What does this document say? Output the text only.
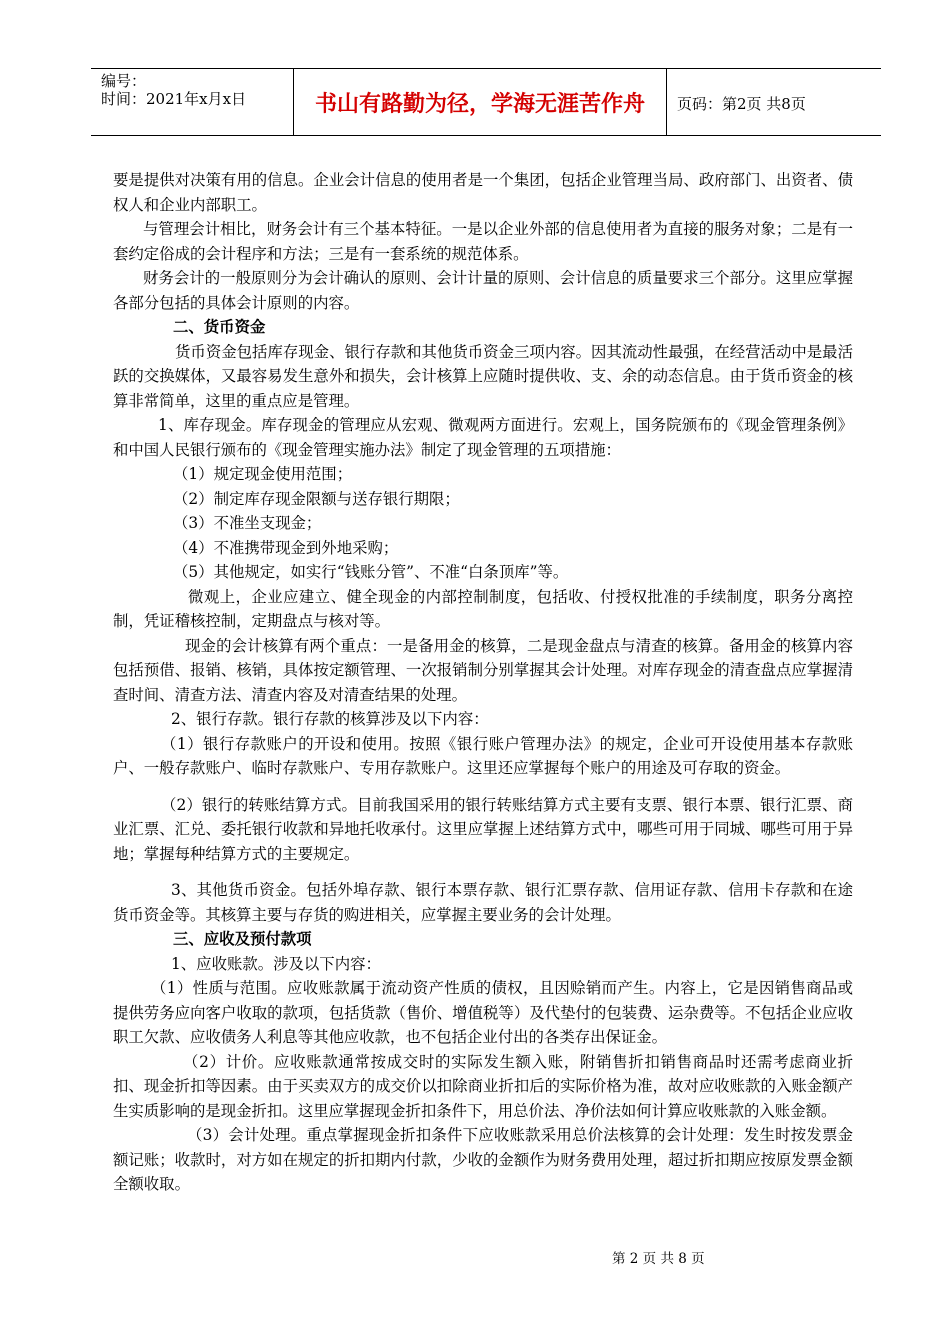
编号：
时间：2021年x月x日	书山有路勤为径，学海无涯苦作舟	页码：第2页 共8页

要是提供对决策有用的信息。企业会计信息的使用者是一个集团，包括企业管理当局、政府部门、出资者、债权人和企业内部职工。

与管理会计相比，财务会计有三个基本特征。一是以企业外部的信息使用者为直接的服务对象；二是有一套约定俗成的会计程序和方法；三是有一套系统的规范体系。

财务会计的一般原则分为会计确认的原则、会计计量的原则、会计信息的质量要求三个部分。这里应掌握各部分包括的具体会计原则的内容。

二、货币资金

货币资金包括库存现金、银行存款和其他货币资金三项内容。因其流动性最强，在经营活动中是最活跃的交换媒体，又最容易发生意外和损失，会计核算上应随时提供收、支、余的动态信息。由于货币资金的核算非常简单，这里的重点应是管理。

1、库存现金。库存现金的管理应从宏观、微观两方面进行。宏观上，国务院颁布的《现金管理条例》和中国人民银行颁布的《现金管理实施办法》制定了现金管理的五项措施：

（1）规定现金使用范围；

（2）制定库存现金限额与送存银行期限；

（3）不准坐支现金；

（4）不准携带现金到外地采购；

（5）其他规定，如实行“钱账分管”、不准“白条顶库”等。

微观上，企业应建立、健全现金的内部控制制度，包括收、付授权批准的手续制度，职务分离控制，凭证稽核控制，定期盘点与核对等。

现金的会计核算有两个重点：一是备用金的核算，二是现金盘点与清查的核算。备用金的核算内容包括预借、报销、核销，具体按定额管理、一次报销制分别掌握其会计处理。对库存现金的清查盘点应掌握清查时间、清查方法、清查内容及对清查结果的处理。

2、银行存款。银行存款的核算涉及以下内容：

（1）银行存款账户的开设和使用。按照《银行账户管理办法》的规定，企业可开设使用基本存款账户、一般存款账户、临时存款账户、专用存款账户。这里还应掌握每个账户的用途及可存取的资金。

（2）银行的转账结算方式。目前我国采用的银行转账结算方式主要有支票、银行本票、银行汇票、商业汇票、汇兑、委托银行收款和异地托收承付。这里应掌握上述结算方式中，哪些可用于同城、哪些可用于异地；掌握每种结算方式的主要规定。

3、其他货币资金。包括外埠存款、银行本票存款、银行汇票存款、信用证存款、信用卡存款和在途货币资金等。其核算主要与存货的购进相关，应掌握主要业务的会计处理。

三、应收及预付款项

1、应收账款。涉及以下内容：

（1）性质与范围。应收账款属于流动资产性质的债权，且因赊销而产生。内容上，它是因销售商品或提供劳务应向客户收取的款项，包括货款（售价、增值税等）及代垫付的包装费、运杂费等。不包括企业应收职工欠款、应收债务人利息等其他应收款，也不包括企业付出的各类存出保证金。

（2）计价。应收账款通常按成交时的实际发生额入账，附销售折扣销售商品时还需考虑商业折扣、现金折扣等因素。由于买卖双方的成交价以扣除商业折扣后的实际价格为准，故对应收账款的入账金额产生实质影响的是现金折扣。这里应掌握现金折扣条件下，用总价法、净价法如何计算应收账款的入账金额。

（3）会计处理。重点掌握现金折扣条件下应收账款采用总价法核算的会计处理：发生时按发票金额记账；收款时，对方如在规定的折扣期内付款，少收的金额作为财务费用处理，超过折扣期应按原发票金额全额收取。

第 2 页 共 8 页
